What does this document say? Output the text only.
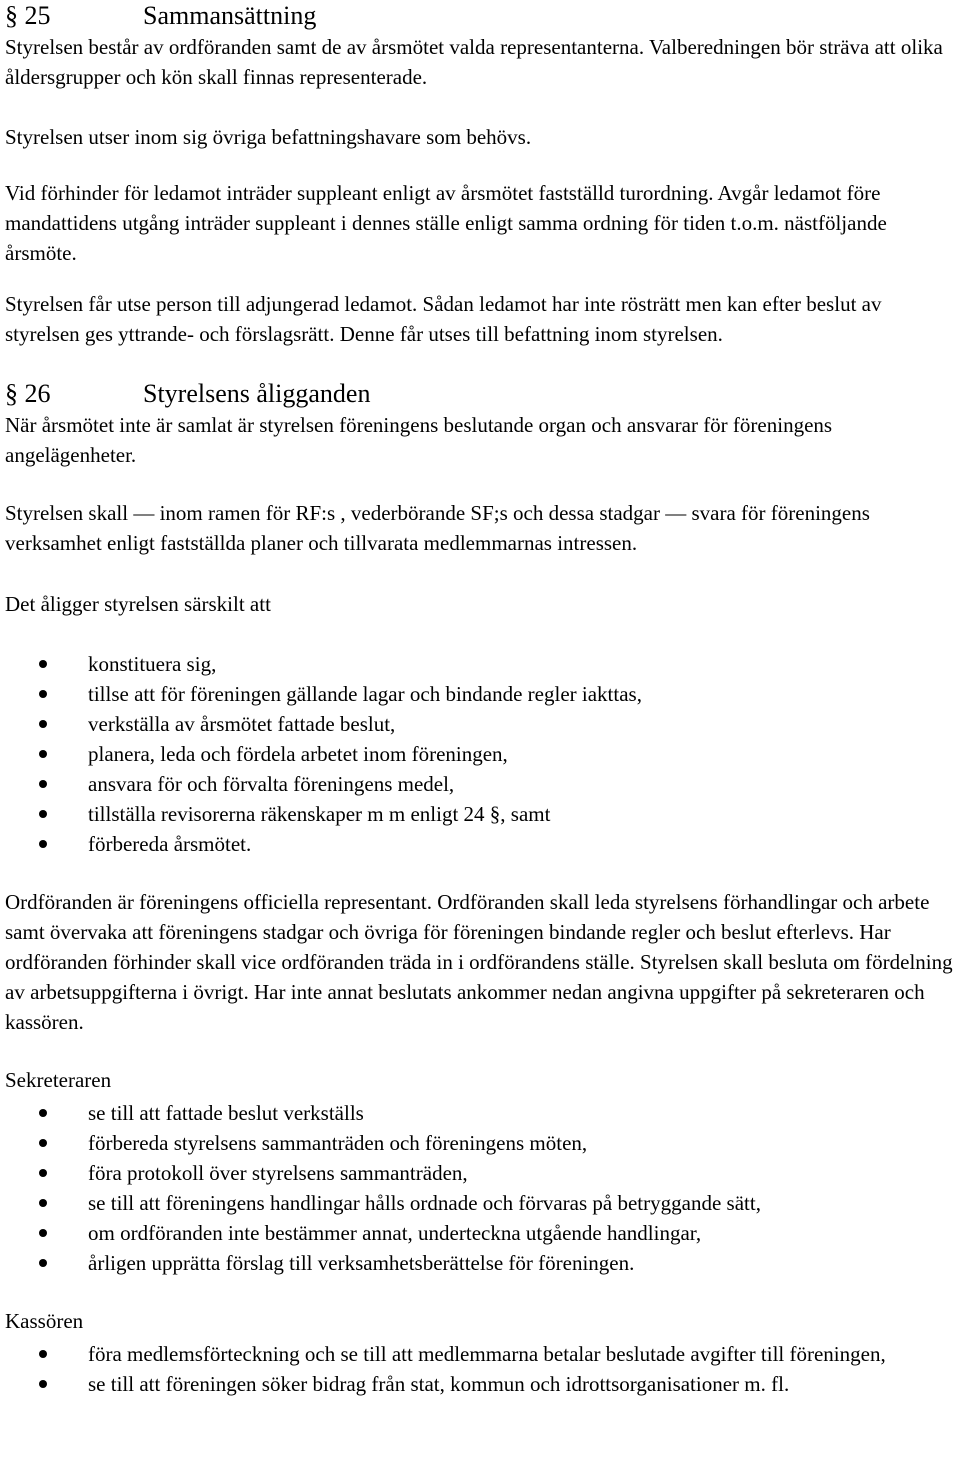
§ 25	Sammansättning

Styrelsen består av ordföranden samt de av årsmötet valda representanterna. Valberedningen bör sträva att olika åldersgrupper och kön skall finnas representerade.

Styrelsen utser inom sig övriga befattningshavare som behövs.

Vid förhinder för ledamot inträder suppleant enligt av årsmötet fastställd turordning. Avgår ledamot före mandattidens utgång inträder suppleant i dennes ställe enligt samma ordning för tiden t.o.m. nästföljande årsmöte.

Styrelsen får utse person till adjungerad ledamot. Sådan ledamot har inte rösträtt men kan efter beslut av styrelsen ges yttrande- och förslagsrätt. Denne får utses till befattning inom styrelsen.

§ 26	Styrelsens åligganden

När årsmötet inte är samlat är styrelsen föreningens beslutande organ och ansvarar för föreningens angelägenheter.

Styrelsen skall — inom ramen för RF:s , vederbörande SF;s och dessa stadgar — svara för föreningens verksamhet enligt fastställda planer och tillvarata medlemmarnas intressen.

Det åligger styrelsen särskilt att

konstituera sig,
tillse att för föreningen gällande lagar och bindande regler iakttas,
verkställa av årsmötet fattade beslut,
planera, leda och fördela arbetet inom föreningen,
ansvara för och förvalta föreningens medel,
tillställa revisorerna räkenskaper m m enligt 24 §, samt
förbereda årsmötet.

Ordföranden är föreningens officiella representant. Ordföranden skall leda styrelsens förhandlingar och arbete samt övervaka att föreningens stadgar och övriga för föreningen bindande regler och beslut efterlevs. Har ordföranden förhinder skall vice ordföranden träda in i ordförandens ställe. Styrelsen skall besluta om fördelning av arbetsuppgifterna i övrigt. Har inte annat beslutats ankommer nedan angivna uppgifter på sekreteraren och kassören.

Sekreteraren

se till att fattade beslut verkställs
förbereda styrelsens sammanträden och föreningens möten,
föra protokoll över styrelsens sammanträden,
se till att föreningens handlingar hålls ordnade och förvaras på betryggande sätt,
om ordföranden inte bestämmer annat, underteckna utgående handlingar,
årligen upprätta förslag till verksamhetsberättelse för föreningen.

Kassören

föra medlemsförteckning och se till att medlemmarna betalar beslutade avgifter till föreningen,
se till att föreningen söker bidrag från stat, kommun och idrottsorganisationer m. fl.
